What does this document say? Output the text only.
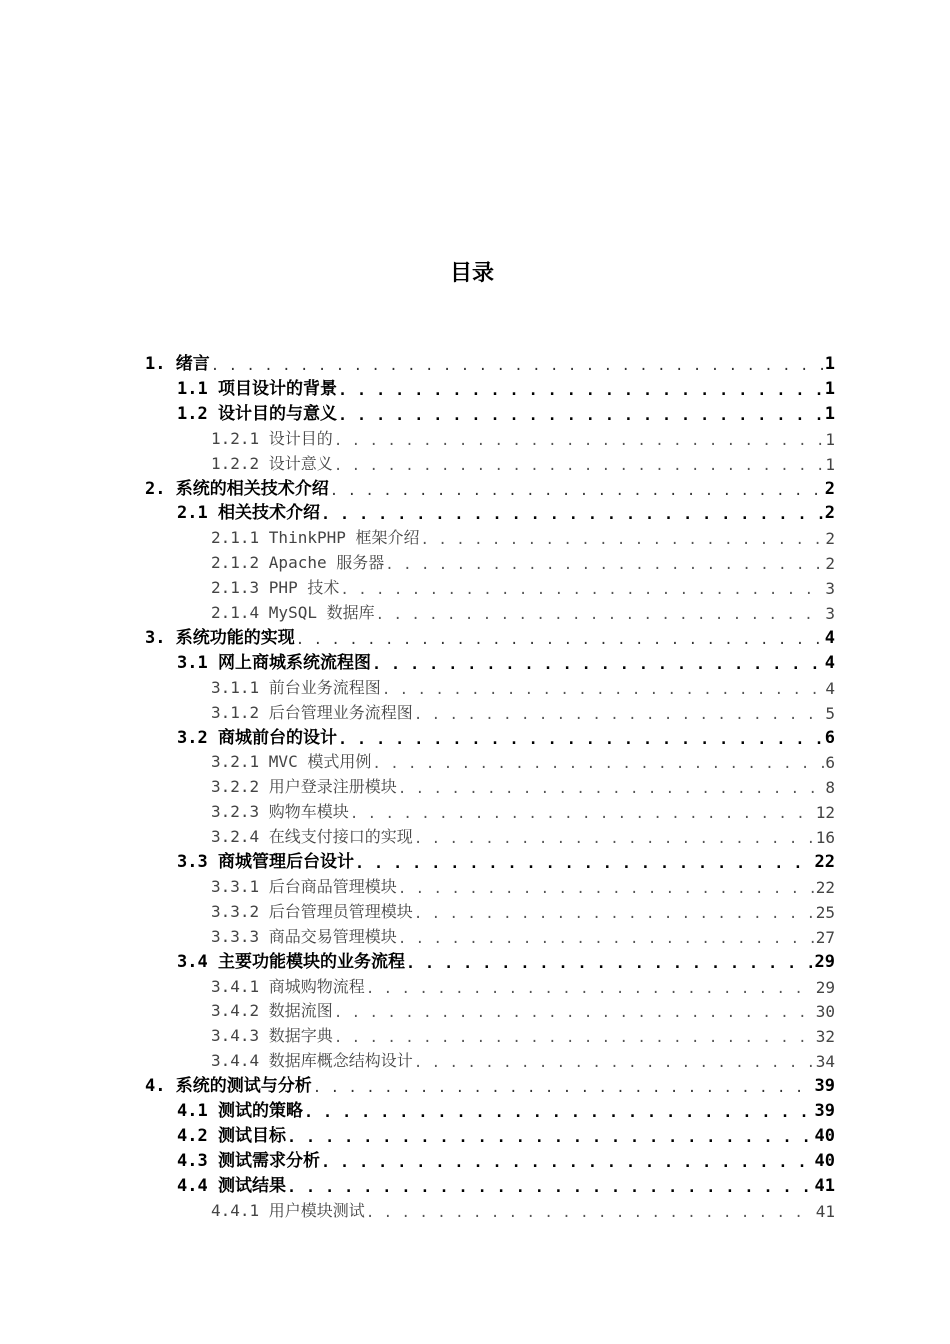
目录
1. 绪言 . . .	1
1.1 项目设计的背景 . . .	1
1.2 设计目的与意义 . . .	1
1.2.1 设计目的 . . .	1
1.2.2 设计意义 . . .	1
2. 系统的相关技术介绍 . . .	2
2.1 相关技术介绍 . . .	2
2.1.1 ThinkPHP 框架介绍 . . .	2
2.1.2 Apache 服务器 . . .	2
2.1.3 PHP 技术 . . .	3
2.1.4 MySQL 数据库 . . .	3
3. 系统功能的实现 . . .	4
3.1 网上商城系统流程图 . . .	4
3.1.1 前台业务流程图 . . .	4
3.1.2 后台管理业务流程图 . . .	5
3.2 商城前台的设计 . . .	6
3.2.1 MVC 模式用例 . . .	6
3.2.2 用户登录注册模块 . . .	8
3.2.3 购物车模块 . . .	12
3.2.4 在线支付接口的实现 . . .	16
3.3 商城管理后台设计 . . .	22
3.3.1 后台商品管理模块 . . .	22
3.3.2 后台管理员管理模块 . . .	25
3.3.3 商品交易管理模块 . . .	27
3.4 主要功能模块的业务流程 . . .	29
3.4.1 商城购物流程 . . .	29
3.4.2 数据流图 . . .	30
3.4.3 数据字典 . . .	32
3.4.4 数据库概念结构设计 . . .	34
4. 系统的测试与分析 . . .	39
4.1 测试的策略 . . .	39
4.2 测试目标 . . .	40
4.3 测试需求分析 . . .	40
4.4 测试结果 . . .	41
4.4.1 用户模块测试 . . .	41
